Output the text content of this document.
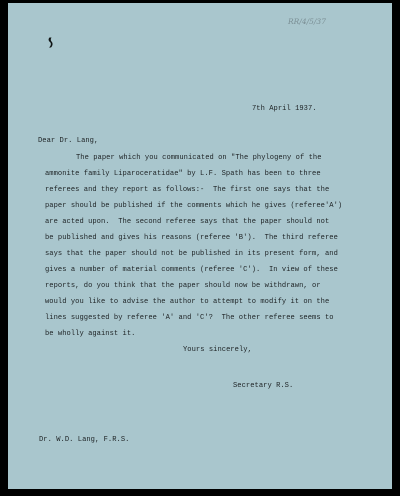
RR/4/5/37
7th April 1937.
Dear Dr. Lang,
The paper which you communicated on "The phylogeny of the
ammonite family Liparoceratidae" by L.F. Spath has been to three
referees and they report as follows:-  The first one says that the
paper should be published if the comments which he gives (referee'A')
are acted upon.  The second referee says that the paper should not
be published and gives his reasons (referee 'B').  The third referee
says that the paper should not be published in its present form, and
gives a number of material comments (referee 'C').  In view of these
reports, do you think that the paper should now be withdrawn, or
would you like to advise the author to attempt to modify it on the
lines suggested by referee 'A' and 'C'?  The other referee seems to
be wholly against it.
Yours sincerely,
Secretary R.S.
Dr. W.D. Lang, F.R.S.
